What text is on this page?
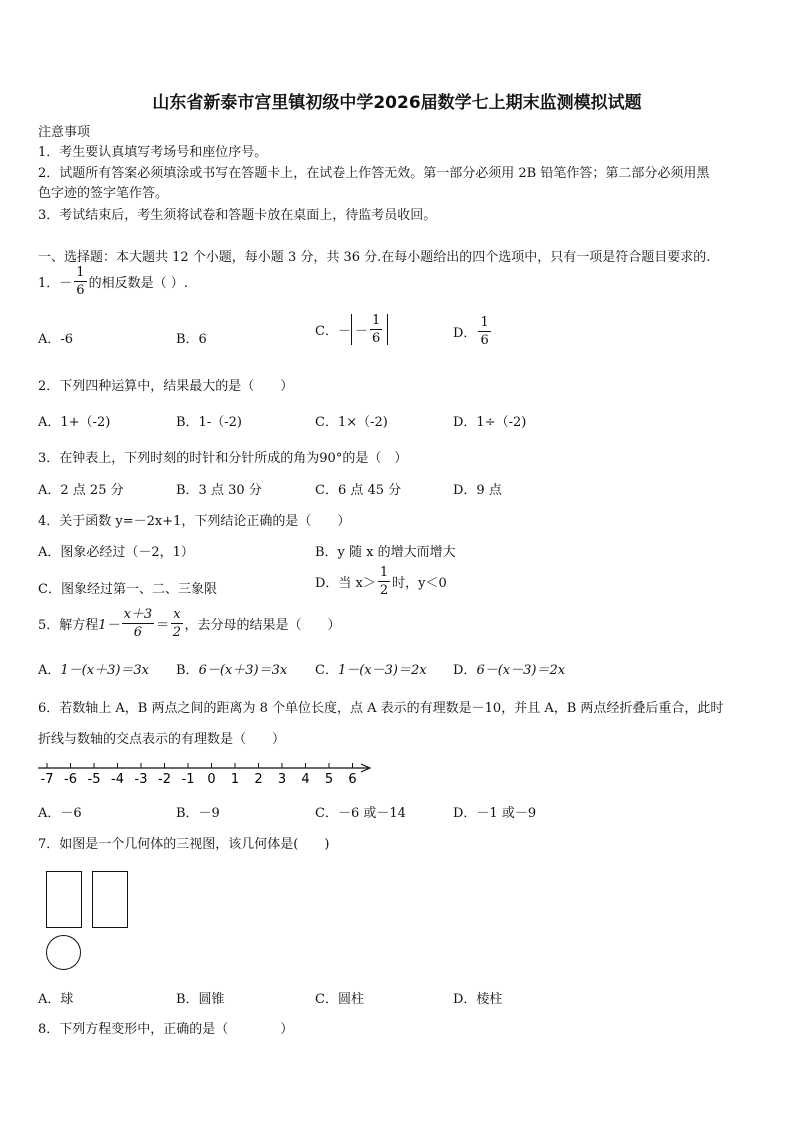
山东省新泰市宫里镇初级中学2026届数学七上期末监测模拟试题
注意事项
1．考生要认真填写考场号和座位序号。
2．试题所有答案必须填涂或书写在答题卡上，在试卷上作答无效。第一部分必须用 2B 铅笔作答；第二部分必须用黑
色字迹的签字笔作答。
3．考试结束后，考生须将试卷和答题卡放在桌面上，待监考员收回。
一、选择题：本大题共 12 个小题，每小题 3 分，共 36 分.在每小题给出的四个选项中，只有一项是符合题目要求的.
1．－ $\frac{1}{6}$ 的相反数是（ ）.
A．-6	B．6
C．－ － $\frac{1}{6}$	D． $\frac{1}{6}$
2．下列四种运算中，结果最大的是（　　）
A．1+（-2)	B．1-（-2)	C．1×（-2)	D．1÷（-2)
3．在钟表上，下列时刻的时针和分针所成的角为90°的是（　）
A．2 点 25 分	B．3 点 30 分	C．6 点 45 分	D．9 点
4．关于函数 y=－2x+1，下列结论正确的是（　　）
A．图象必经过（－2，1）	B．y 随 x 的增大而增大
C．图象经过第一、二、三象限	D．当 $x> \frac{1}{2}$ 时，y＜0
5．解方程$1- \frac{x+3}{6} = \frac{x}{2}$ ，去分母的结果是（　　）
A．1－(x＋3)＝3x B．6－(x＋3)＝3x C．1－(x－3)＝2x D．6－(x－3)＝2x
6．若数轴上 A，B 两点之间的距离为 8 个单位长度，点 A 表示的有理数是－10，并且 A，B 两点经折叠后重合，此时
折线与数轴的交点表示的有理数是（　　）
-7 -6 -5 -4 -3 -2 -1 0 1 2 3 4 5 6
A．－6	B．－9	C．－6 或－14	D．－1 或－9
7．如图是一个几何体的三视图，该几何体是(　　)
A．球	B．圆锥	C．圆柱	D．棱柱
8．下列方程变形中，正确的是（　　　　）
